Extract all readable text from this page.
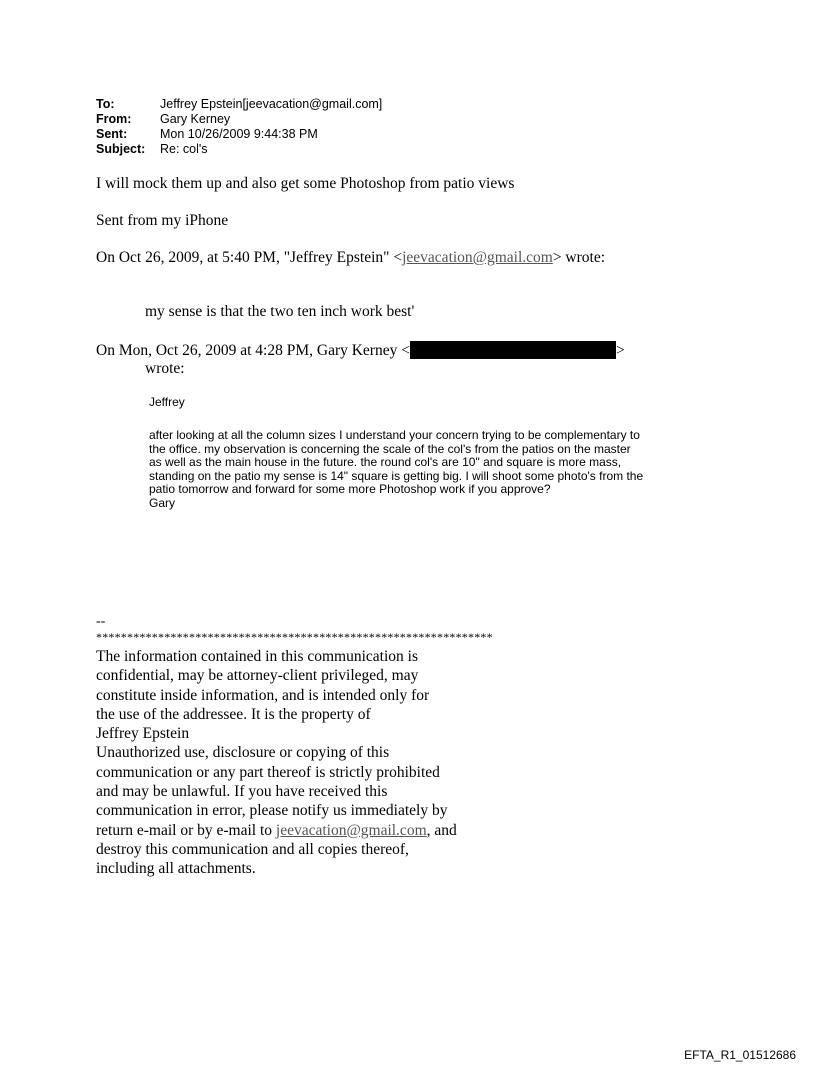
To:	Jeffrey Epstein[jeevacation@gmail.com]
From:	Gary Kerney
Sent:	Mon 10/26/2009 9:44:38 PM
Subject:	Re: col's
I will mock them up and also get some Photoshop from patio views
Sent from my iPhone
On Oct 26, 2009, at 5:40 PM, "Jeffrey Epstein" <jeevacation@gmail.com> wrote:
my sense is that the two ten inch work best'
On Mon, Oct 26, 2009 at 4:28 PM, Gary Kerney <	>
wrote:
Jeffrey
after looking at all the column sizes I understand your concern trying to be complementary to
the office. my observation is concerning the scale of the col's from the patios on the master
as well as the main house in the future. the round col's are 10" and square is more mass,
standing on the patio my sense is 14" square is getting big. I will shoot some photo's from the
patio tomorrow and forward for some more Photoshop work if you approve?
Gary
--
****************************************************************
The information contained in this communication is
confidential, may be attorney-client privileged, may
constitute inside information, and is intended only for
the use of the addressee. It is the property of
Jeffrey Epstein
Unauthorized use, disclosure or copying of this
communication or any part thereof is strictly prohibited
and may be unlawful. If you have received this
communication in error, please notify us immediately by
return e-mail or by e-mail to jeevacation@gmail.com, and
destroy this communication and all copies thereof,
including all attachments.
EFTA_R1_01512686
